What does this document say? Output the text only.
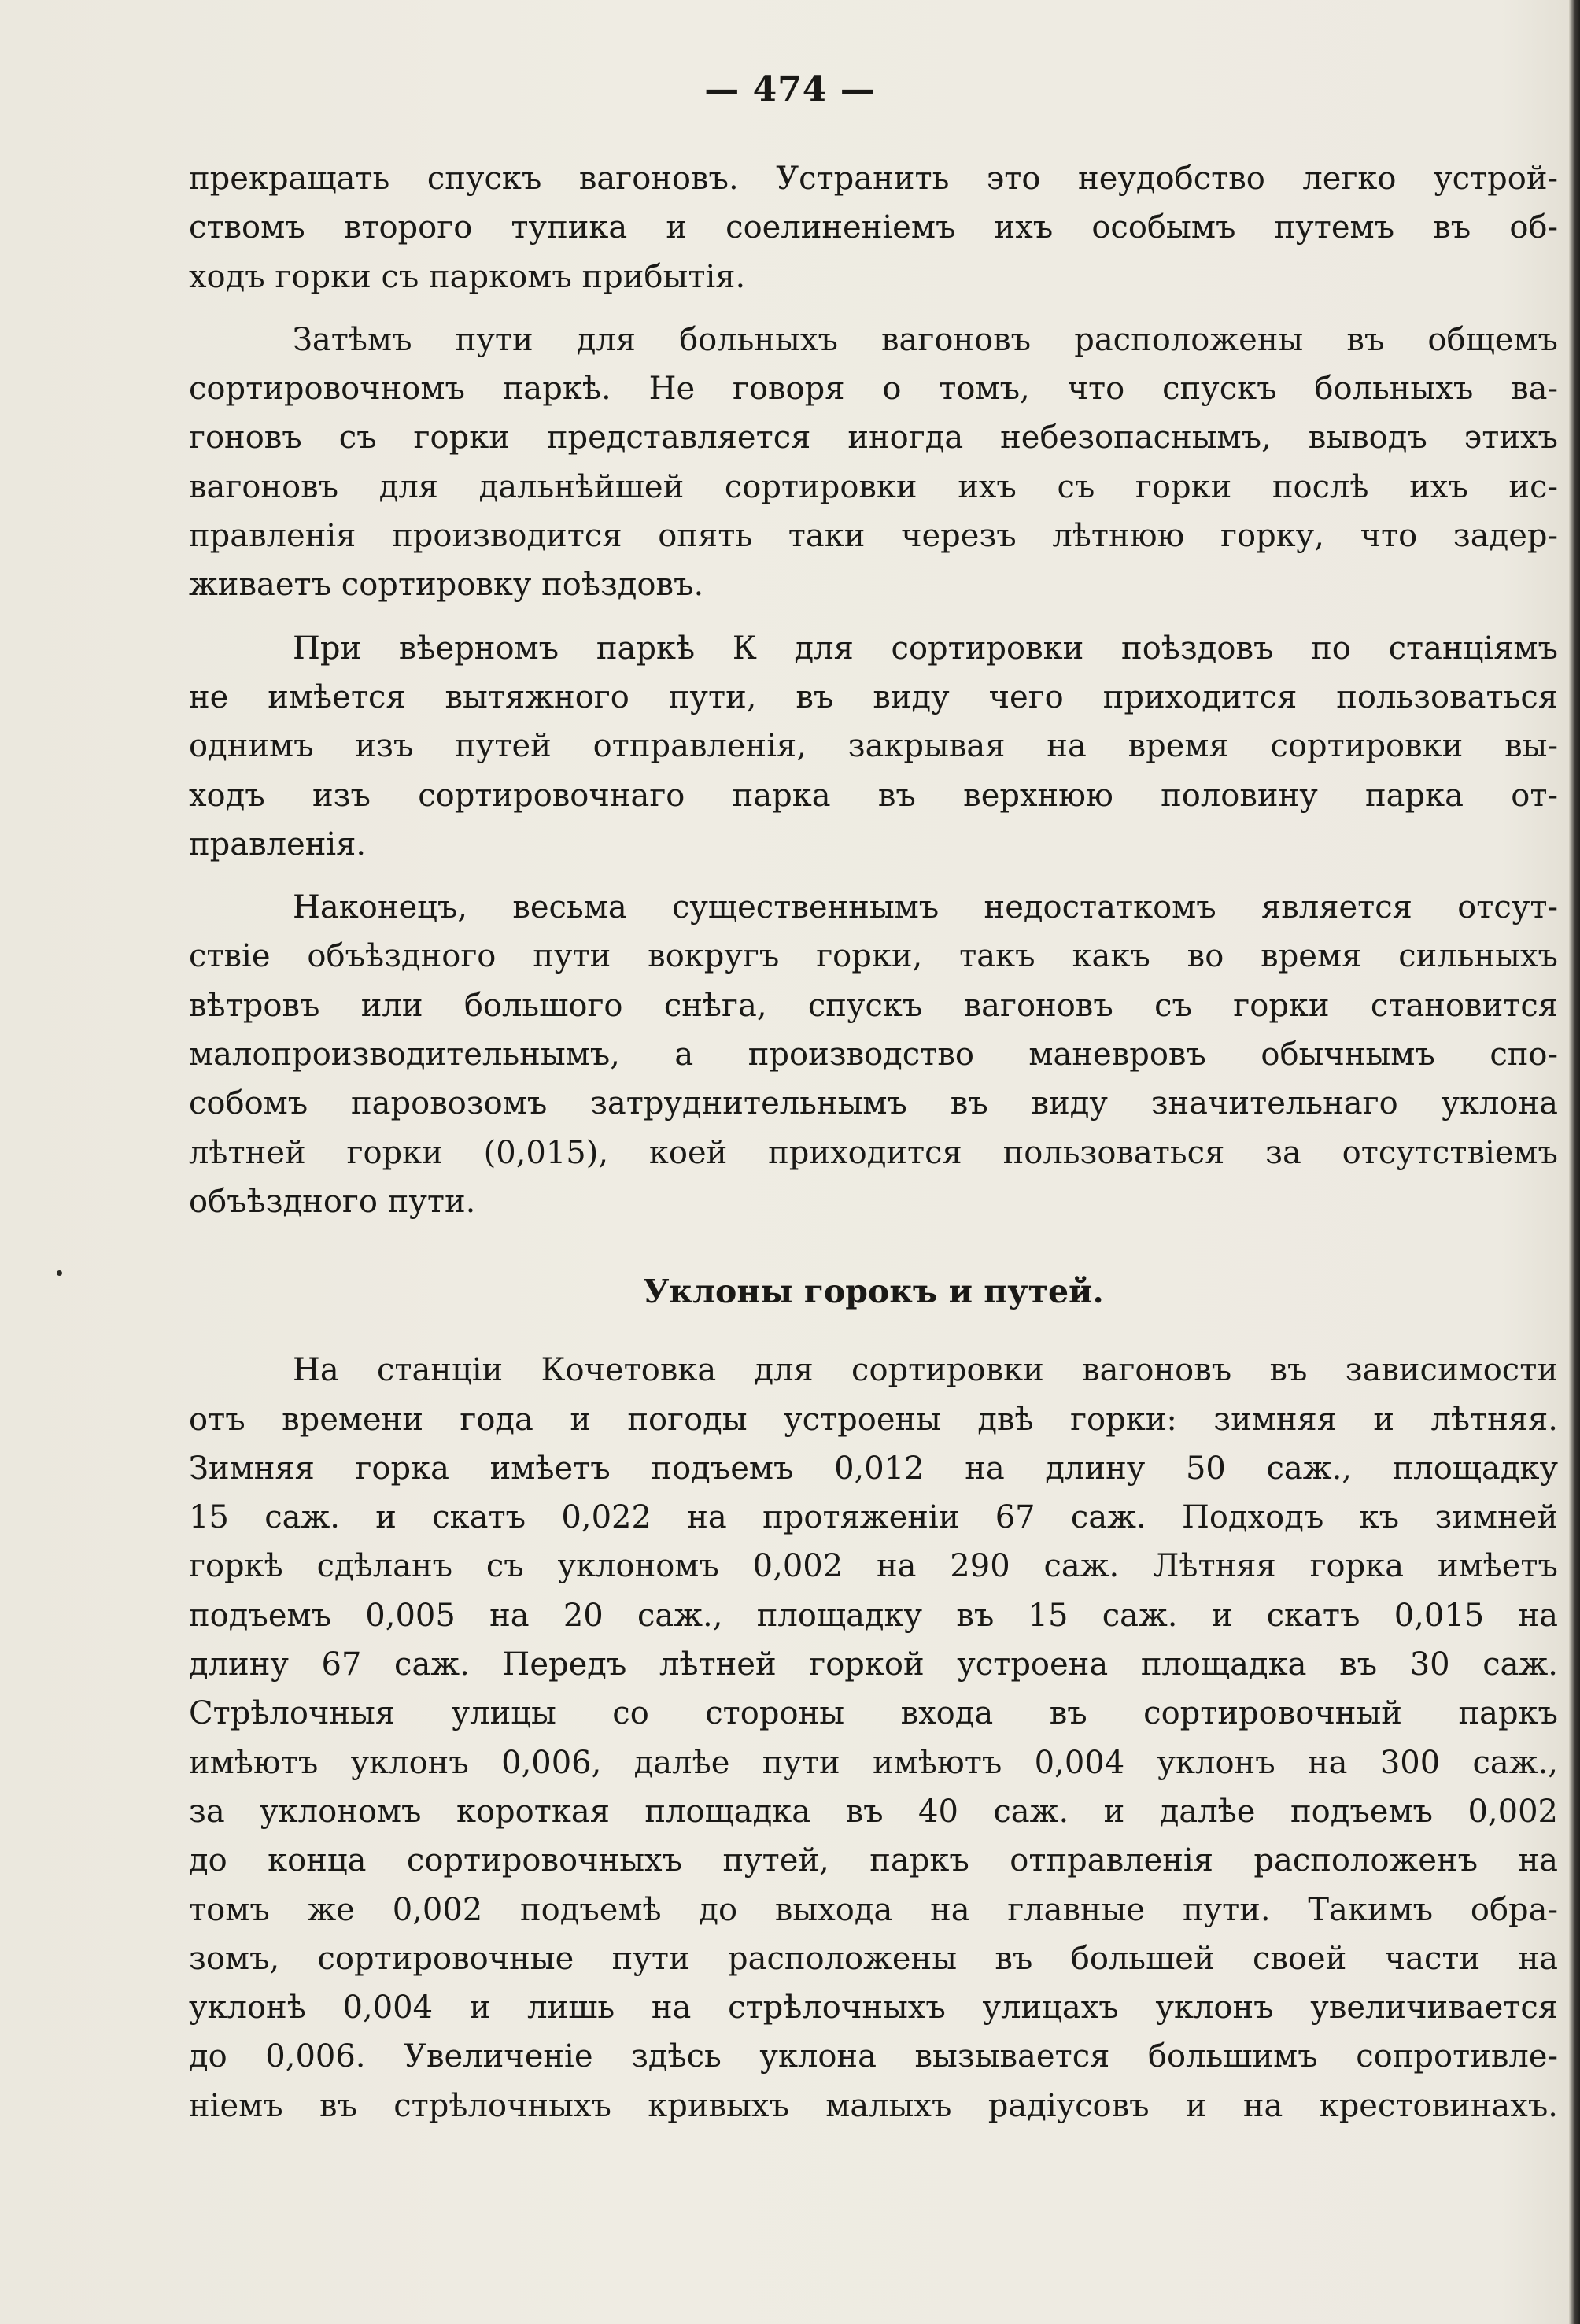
— 474 —
прекращать спускъ вагоновъ. Устранить это неудобство легко устрой-
ствомъ второго тупика и соелиненіемъ ихъ особымъ путемъ въ об-
ходъ горки съ паркомъ прибытія.
Затѣмъ пути для больныхъ вагоновъ расположены въ общемъ
сортировочномъ паркѣ. Не говоря о томъ, что спускъ больныхъ ва-
гоновъ съ горки представляется иногда небезопаснымъ, выводъ этихъ
вагоновъ для дальнѣйшей сортировки ихъ съ горки послѣ ихъ ис-
правленія производится опять таки черезъ лѣтнюю горку, что задер-
живаетъ сортировку поѣздовъ.
При вѣерномъ паркѣ К для сортировки поѣздовъ по станціямъ
не имѣется вытяжного пути, въ виду чего приходится пользоваться
однимъ изъ путей отправленія, закрывая на время сортировки вы-
ходъ изъ сортировочнаго парка въ верхнюю половину парка от-
правленія.
Наконецъ, весьма существеннымъ недостаткомъ является отсут-
ствіе объѣздного пути вокругъ горки, такъ какъ во время сильныхъ
вѣтровъ или большого снѣга, спускъ вагоновъ съ горки становится
малопроизводительнымъ, а производство маневровъ обычнымъ спо-
собомъ паровозомъ затруднительнымъ въ виду значительнаго уклона
лѣтней горки (0,015), коей приходится пользоваться за отсутствіемъ
объѣздного пути.
Уклоны горокъ и путей.
На станціи Кочетовка для сортировки вагоновъ въ зависимости
отъ времени года и погоды устроены двѣ горки: зимняя и лѣтняя.
Зимняя горка имѣетъ подъемъ 0,012 на длину 50 саж., площадку
15 саж. и скатъ 0,022 на протяженіи 67 саж. Подходъ къ зимней
горкѣ сдѣланъ съ уклономъ 0,002 на 290 саж. Лѣтняя горка имѣетъ
подъемъ 0,005 на 20 саж., площадку въ 15 саж. и скатъ 0,015 на
длину 67 саж. Передъ лѣтней горкой устроена площадка въ 30 саж.
Стрѣлочныя улицы со стороны входа въ сортировочный паркъ
имѣютъ уклонъ 0,006, далѣе пути имѣютъ 0,004 уклонъ на 300 саж.,
за уклономъ короткая площадка въ 40 саж. и далѣе подъемъ 0,002
до конца сортировочныхъ путей, паркъ отправленія расположенъ на
томъ же 0,002 подъемѣ до выхода на главные пути. Такимъ обра-
зомъ, сортировочные пути расположены въ большей своей части на
уклонѣ 0,004 и лишь на стрѣлочныхъ улицахъ уклонъ увеличивается
до 0,006. Увеличеніе здѣсь уклона вызывается большимъ сопротивле-
ніемъ въ стрѣлочныхъ кривыхъ малыхъ радіусовъ и на крестовинахъ.
